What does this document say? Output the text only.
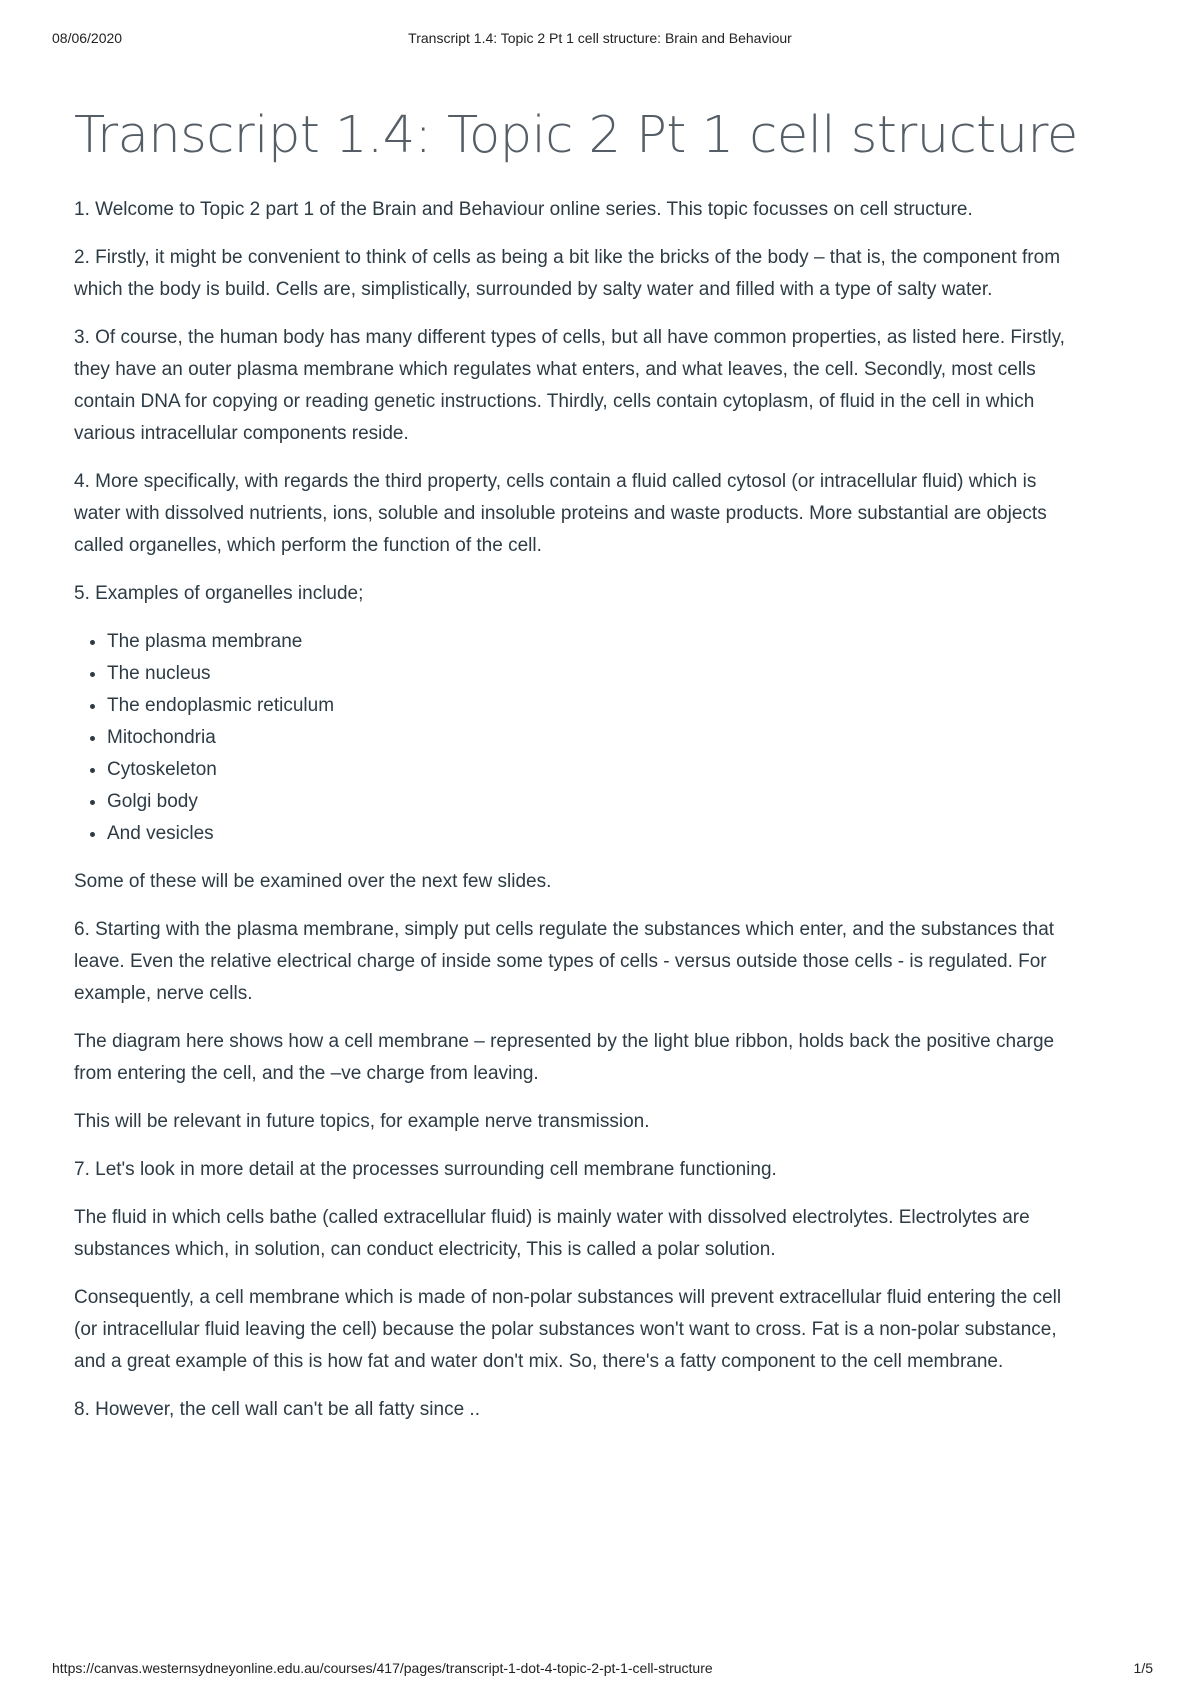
08/06/2020	Transcript 1.4: Topic 2 Pt 1 cell structure: Brain and Behaviour
Transcript 1.4: Topic 2 Pt 1 cell structure

1. Welcome to Topic 2 part 1 of the Brain and Behaviour online series. This topic focusses on cell structure.

2. Firstly, it might be convenient to think of cells as being a bit like the bricks of the body – that is, the component from which the body is build. Cells are, simplistically, surrounded by salty water and filled with a type of salty water.

3. Of course, the human body has many different types of cells, but all have common properties, as listed here. Firstly, they have an outer plasma membrane which regulates what enters, and what leaves, the cell. Secondly, most cells contain DNA for copying or reading genetic instructions. Thirdly, cells contain cytoplasm, of fluid in the cell in which various intracellular components reside.

4. More specifically, with regards the third property, cells contain a fluid called cytosol (or intracellular fluid) which is water with dissolved nutrients, ions, soluble and insoluble proteins and waste products. More substantial are objects called organelles, which perform the function of the cell.

5. Examples of organelles include;

• The plasma membrane
• The nucleus
• The endoplasmic reticulum
• Mitochondria
• Cytoskeleton
• Golgi body
• And vesicles

Some of these will be examined over the next few slides.

6. Starting with the plasma membrane, simply put cells regulate the substances which enter, and the substances that leave. Even the relative electrical charge of inside some types of cells - versus outside those cells - is regulated. For example, nerve cells.

The diagram here shows how a cell membrane – represented by the light blue ribbon, holds back the positive charge from entering the cell, and the –ve charge from leaving.

This will be relevant in future topics, for example nerve transmission.

7. Let's look in more detail at the processes surrounding cell membrane functioning.

The fluid in which cells bathe (called extracellular fluid) is mainly water with dissolved electrolytes. Electrolytes are substances which, in solution, can conduct electricity, This is called a polar solution.

Consequently, a cell membrane which is made of non-polar substances will prevent extracellular fluid entering the cell (or intracellular fluid leaving the cell) because the polar substances won't want to cross. Fat is a non-polar substance, and a great example of this is how fat and water don't mix. So, there's a fatty component to the cell membrane.

8. However, the cell wall can't be all fatty since ..

https://canvas.westernsydneyonline.edu.au/courses/417/pages/transcript-1-dot-4-topic-2-pt-1-cell-structure	1/5
